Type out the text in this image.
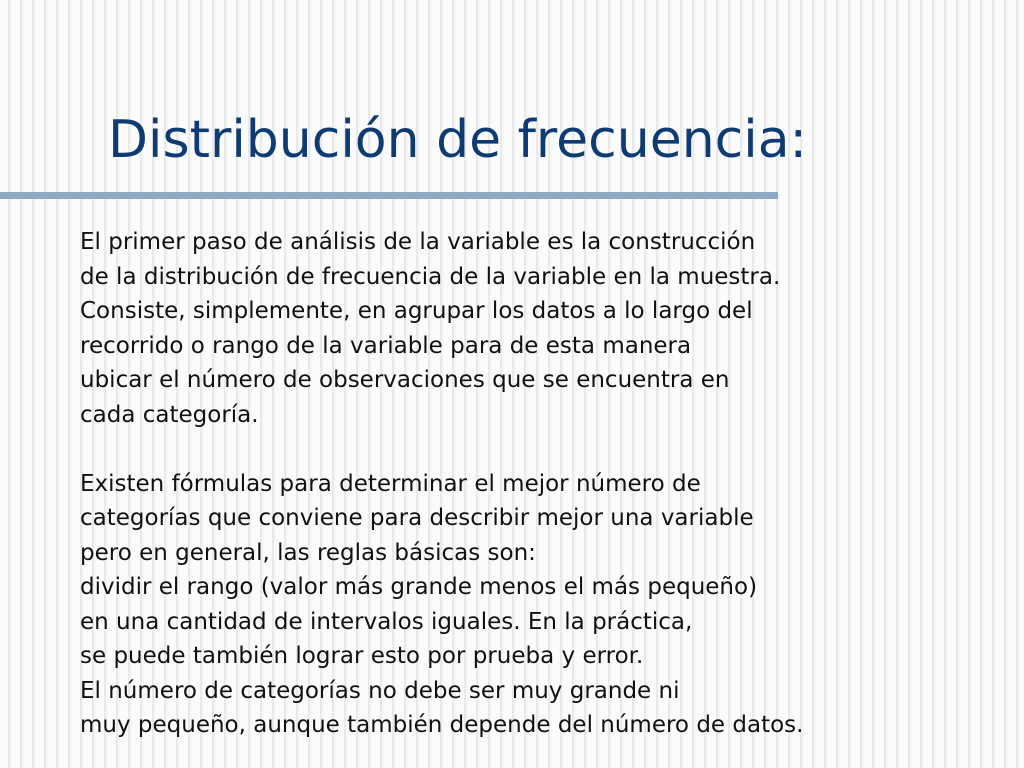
Distribución de frecuencia:
El primer paso de análisis de la variable es la construcción
de la distribución de frecuencia de la variable en la muestra.
Consiste, simplemente, en agrupar los datos a lo largo del
recorrido o rango de la variable para de esta manera
ubicar el número de observaciones que se encuentra en
cada categoría.
Existen fórmulas para determinar el mejor número de
categorías que conviene para describir mejor una variable
pero en general, las reglas básicas son:
dividir el rango (valor más grande menos el más pequeño)
en una cantidad de intervalos iguales. En la práctica,
se puede también lograr esto por prueba y error.
El número de categorías no debe ser muy grande ni
muy pequeño, aunque también depende del número de datos.
